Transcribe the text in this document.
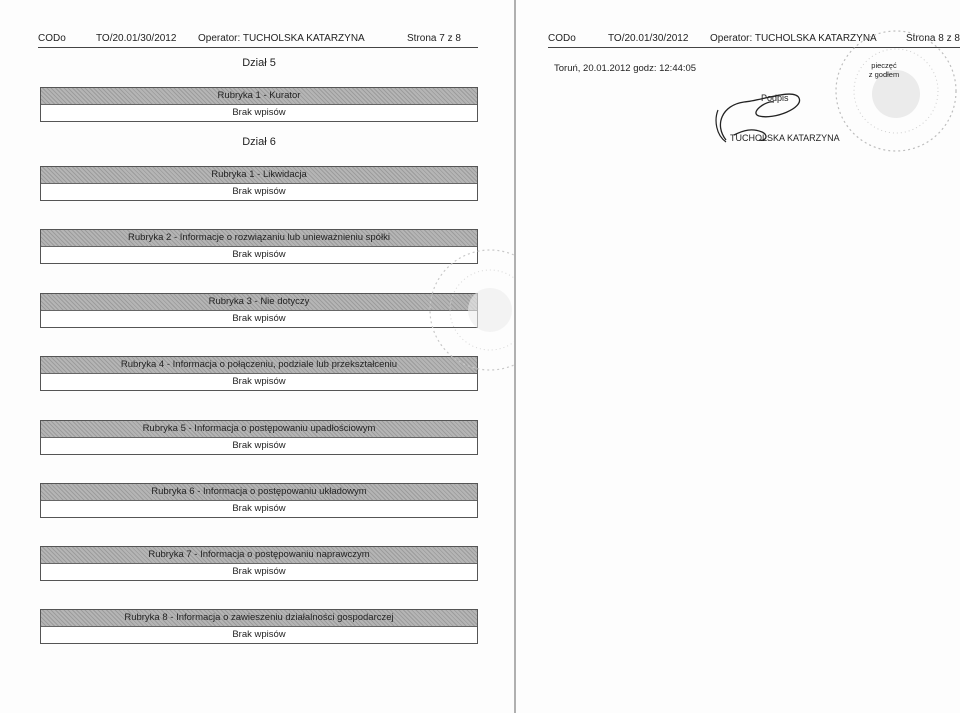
CODo	TO/20.01/30/2012 Operator: TUCHOLSKA KATARZYNA	Strona 7 z 8
Dział 5
Rubryka 1 - Kurator
Brak wpisów
Dział 6
Rubryka 1 - Likwidacja
Brak wpisów
Rubryka 2 - Informacje o rozwiązaniu lub unieważnieniu spółki
Brak wpisów
Rubryka 3 - Nie dotyczy
Brak wpisów
Rubryka 4 - Informacja o połączeniu, podziale lub przekształceniu
Brak wpisów
Rubryka 5 - Informacja o postępowaniu upadłościowym
Brak wpisów
Rubryka 6 - Informacja o postępowaniu układowym
Brak wpisów
Rubryka 7 - Informacja o postępowaniu naprawczym
Brak wpisów
Rubryka 8 - Informacja o zawieszeniu działalności gospodarczej
Brak wpisów
CODo	TO/20.01/30/2012 Operator: TUCHOLSKA KATARZYNA	Strona 8 z 8
Toruń, 20.01.2012 godz: 12:44:05	pieczęć
z godłem
Podpis
TUCHOLSKA KATARZYNA
